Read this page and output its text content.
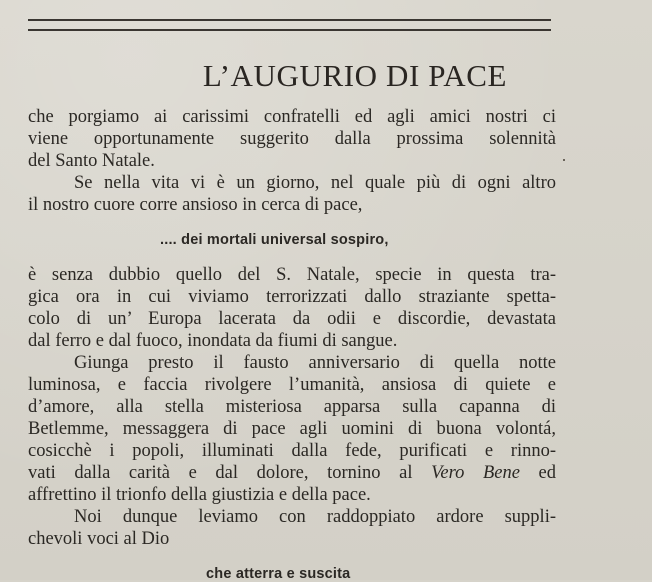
L’AUGURIO DI PACE
che porgiamo ai carissimi confratelli ed agli amici nostri ci
viene opportunamente suggerito dalla prossima solennità
del Santo Natale.
Se nella vita vi è un giorno, nel quale più di ogni altro
il nostro cuore corre ansioso in cerca di pace,
.... dei mortali universal sospiro,
è senza dubbio quello del S. Natale, specie in questa tra-
gica ora in cui viviamo terrorizzati dallo straziante spetta-
colo di un’ Europa lacerata da odii e discordie, devastata
dal ferro e dal fuoco, inondata da fiumi di sangue.
Giunga presto il fausto anniversario di quella notte
luminosa, e faccia rivolgere l’umanità, ansiosa di quiete e
d’amore, alla stella misteriosa apparsa sulla capanna di
Betlemme, messaggera di pace agli uomini di buona volontá,
cosicchè i popoli, illuminati dalla fede, purificati e rinno-
vati dalla carità e dal dolore, tornino al Vero Bene ed
affrettino il trionfo della giustizia e della pace.
Noi dunque leviamo con raddoppiato ardore suppli-
chevoli voci al Dio
che atterra e suscita
